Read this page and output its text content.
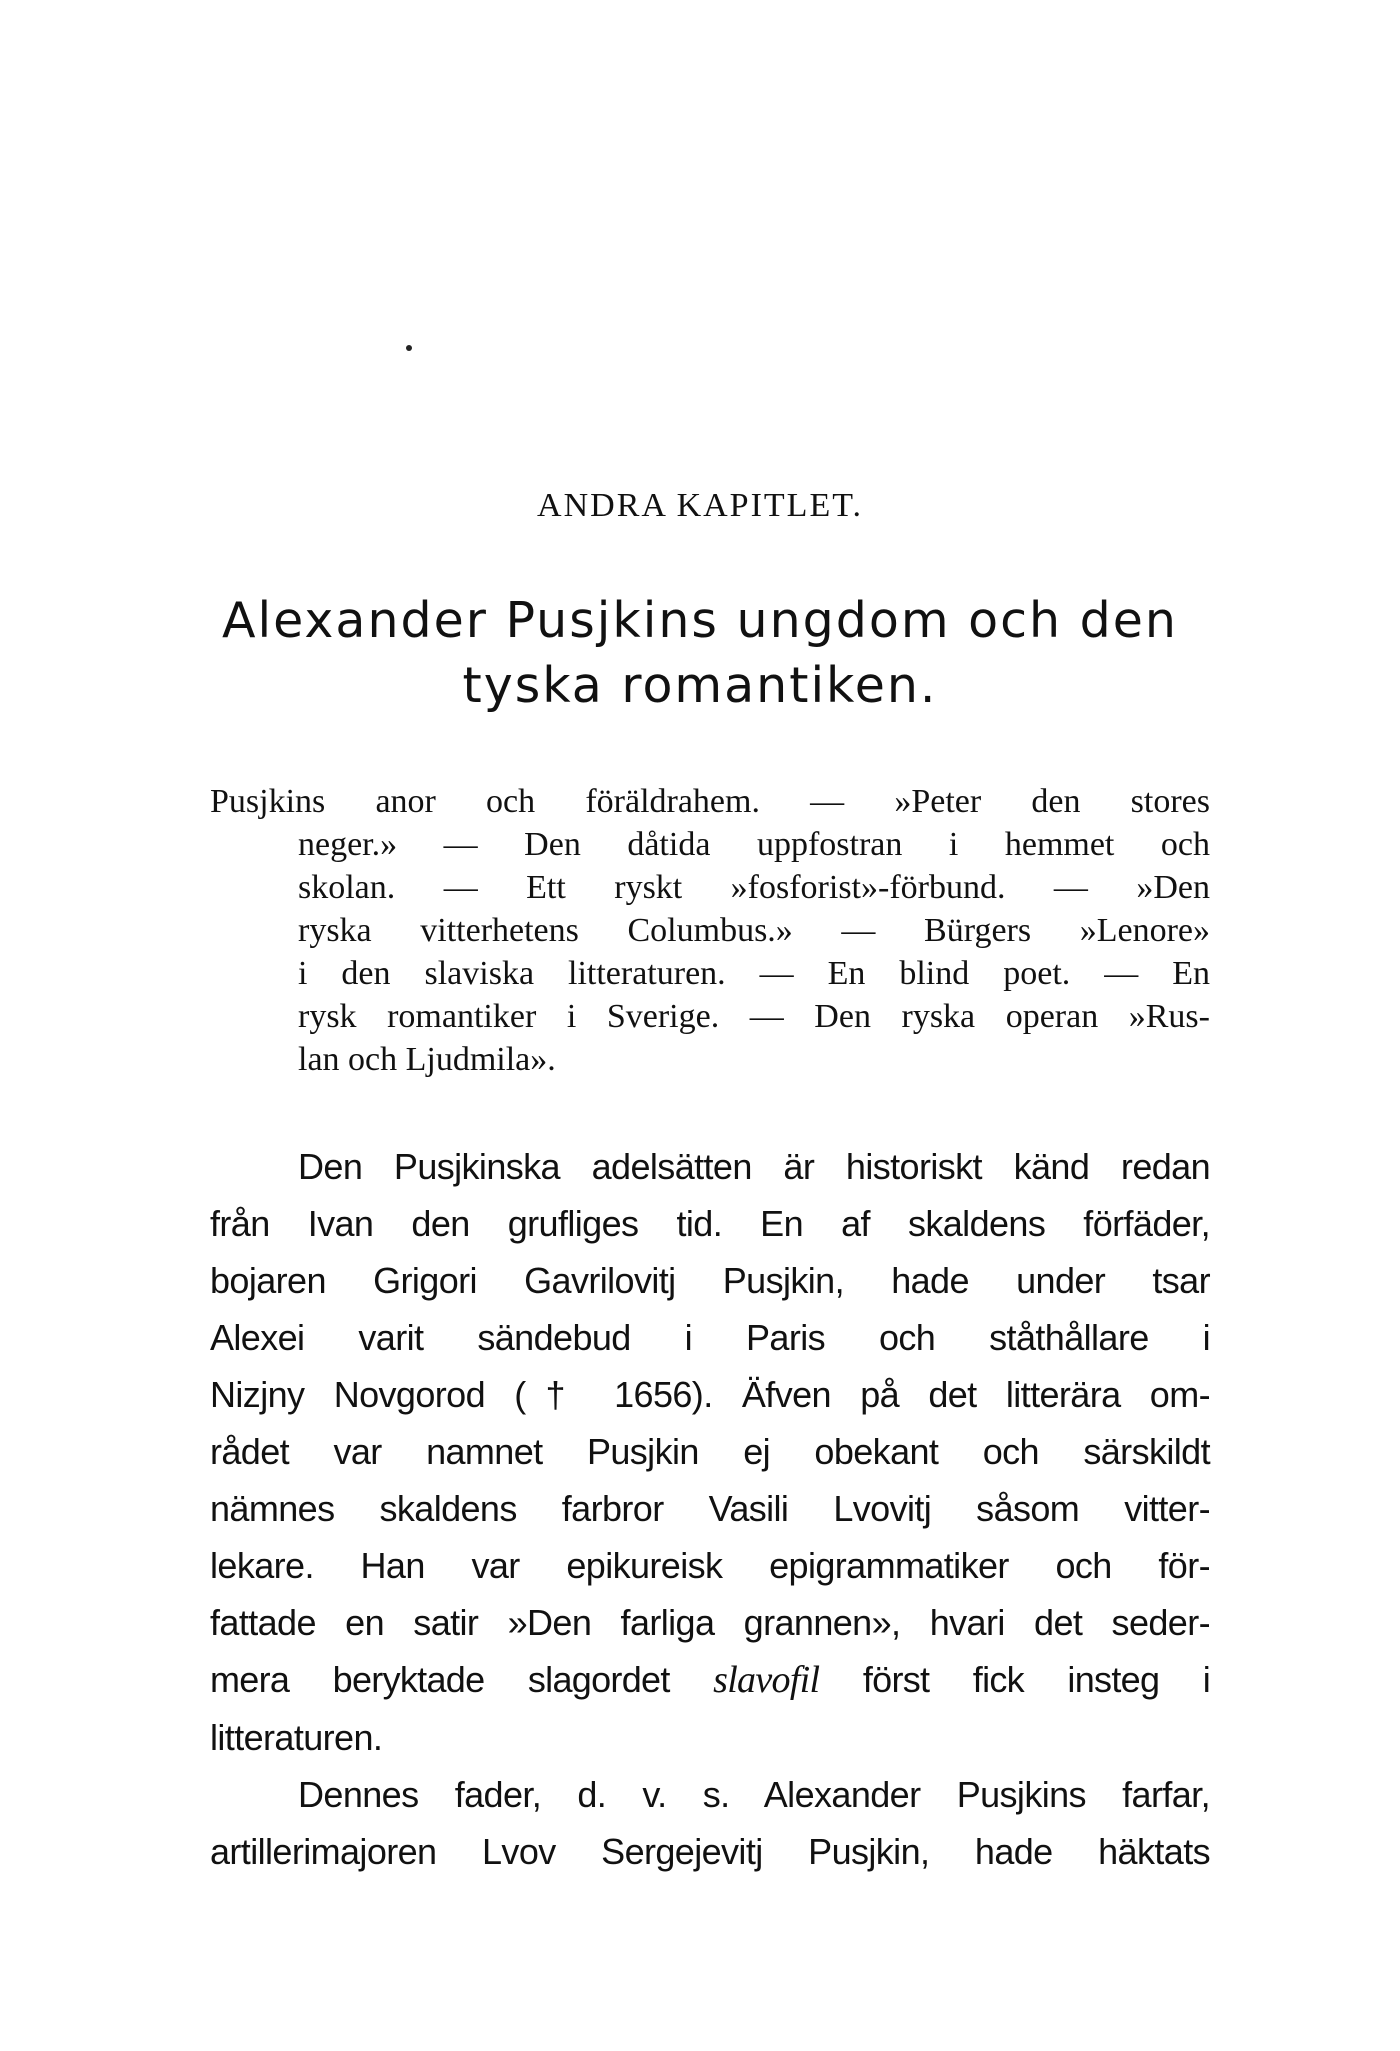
ANDRA KAPITLET.
Alexander Pusjkins ungdom och den
tyska romantiken.
Pusjkins anor och föräldrahem. — »Peter den stores
neger.» — Den dåtida uppfostran i hemmet och
skolan. — Ett ryskt »fosforist»-förbund. — »Den
ryska vitterhetens Columbus.» — Bürgers »Lenore»
i den slaviska litteraturen. — En blind poet. — En
rysk romantiker i Sverige. — Den ryska operan »Rus-
lan och Ljudmila».
Den Pusjkinska adelsätten är historiskt känd redan
från Ivan den grufliges tid. En af skaldens förfäder,
bojaren Grigori Gavrilovitj Pusjkin, hade under tsar
Alexei varit sändebud i Paris och ståthållare i
Nizjny Novgorod († 1656). Äfven på det litterära om-
rådet var namnet Pusjkin ej obekant och särskildt
nämnes skaldens farbror Vasili Lvovitj såsom vitter-
lekare. Han var epikureisk epigrammatiker och för-
fattade en satir »Den farliga grannen», hvari det seder-
mera beryktade slagordet slavofil först fick insteg i
litteraturen.
Dennes fader, d. v. s. Alexander Pusjkins farfar,
artillerimajoren Lvov Sergejevitj Pusjkin, hade häktats
